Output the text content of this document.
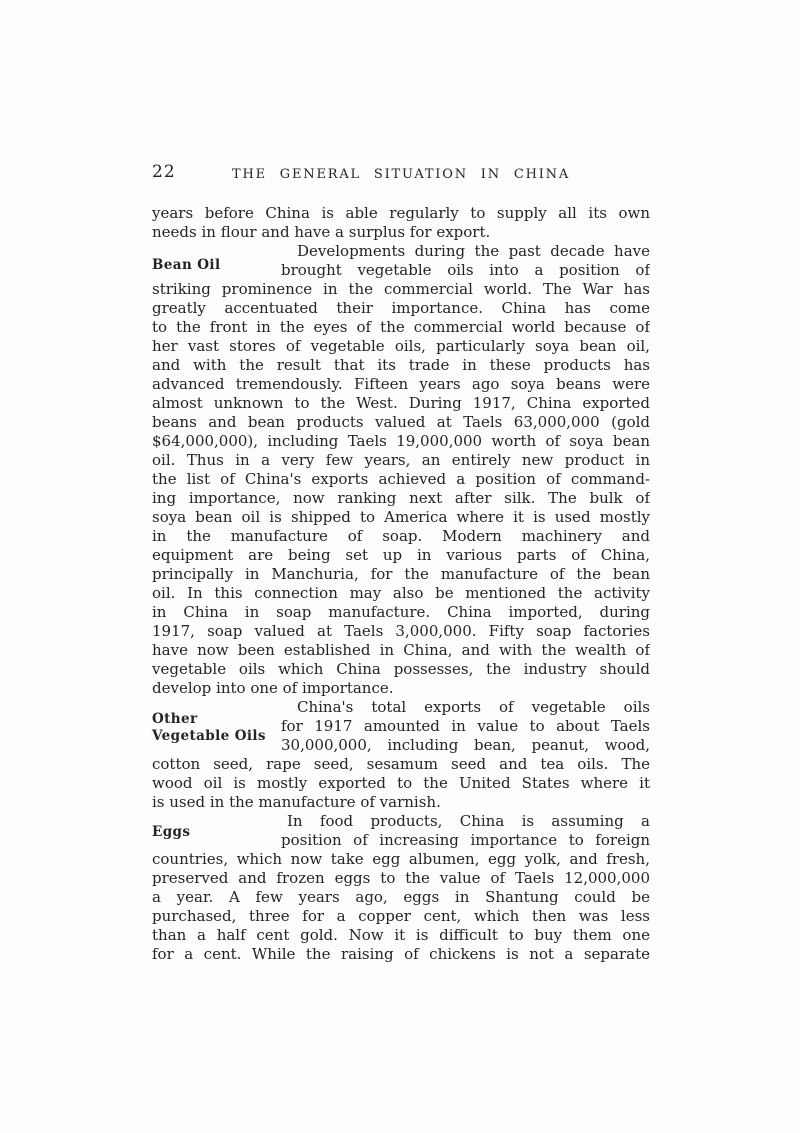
22	THE GENERAL SITUATION IN CHINA
Bean Oil
Other
Vegetable Oils
Eggs
years before China is able regularly to supply all its own
needs in flour and have a surplus for export.
Developments during the past decade have
brought vegetable oils into a position of
striking prominence in the commercial world. The War has
greatly accentuated their importance. China has come
to the front in the eyes of the commercial world because of
her vast stores of vegetable oils, particularly soya bean oil,
and with the result that its trade in these products has
advanced tremendously. Fifteen years ago soya beans were
almost unknown to the West. During 1917, China exported
beans and bean products valued at Taels 63,000,000 (gold
$64,000,000), including Taels 19,000,000 worth of soya bean
oil. Thus in a very few years, an entirely new product in
the list of China's exports achieved a position of command-
ing importance, now ranking next after silk. The bulk of
soya bean oil is shipped to America where it is used mostly
in the manufacture of soap. Modern machinery and
equipment are being set up in various parts of China,
principally in Manchuria, for the manufacture of the bean
oil. In this connection may also be mentioned the activity
in China in soap manufacture. China imported, during
1917, soap valued at Taels 3,000,000. Fifty soap factories
have now been established in China, and with the wealth of
vegetable oils which China possesses, the industry should
develop into one of importance.
China's total exports of vegetable oils
for 1917 amounted in value to about Taels
30,000,000, including bean, peanut, wood,
cotton seed, rape seed, sesamum seed and tea oils. The
wood oil is mostly exported to the United States where it
is used in the manufacture of varnish.
In food products, China is assuming a
position of increasing importance to foreign
countries, which now take egg albumen, egg yolk, and fresh,
preserved and frozen eggs to the value of Taels 12,000,000
a year. A few years ago, eggs in Shantung could be
purchased, three for a copper cent, which then was less
than a half cent gold. Now it is difficult to buy them one
for a cent. While the raising of chickens is not a separate
